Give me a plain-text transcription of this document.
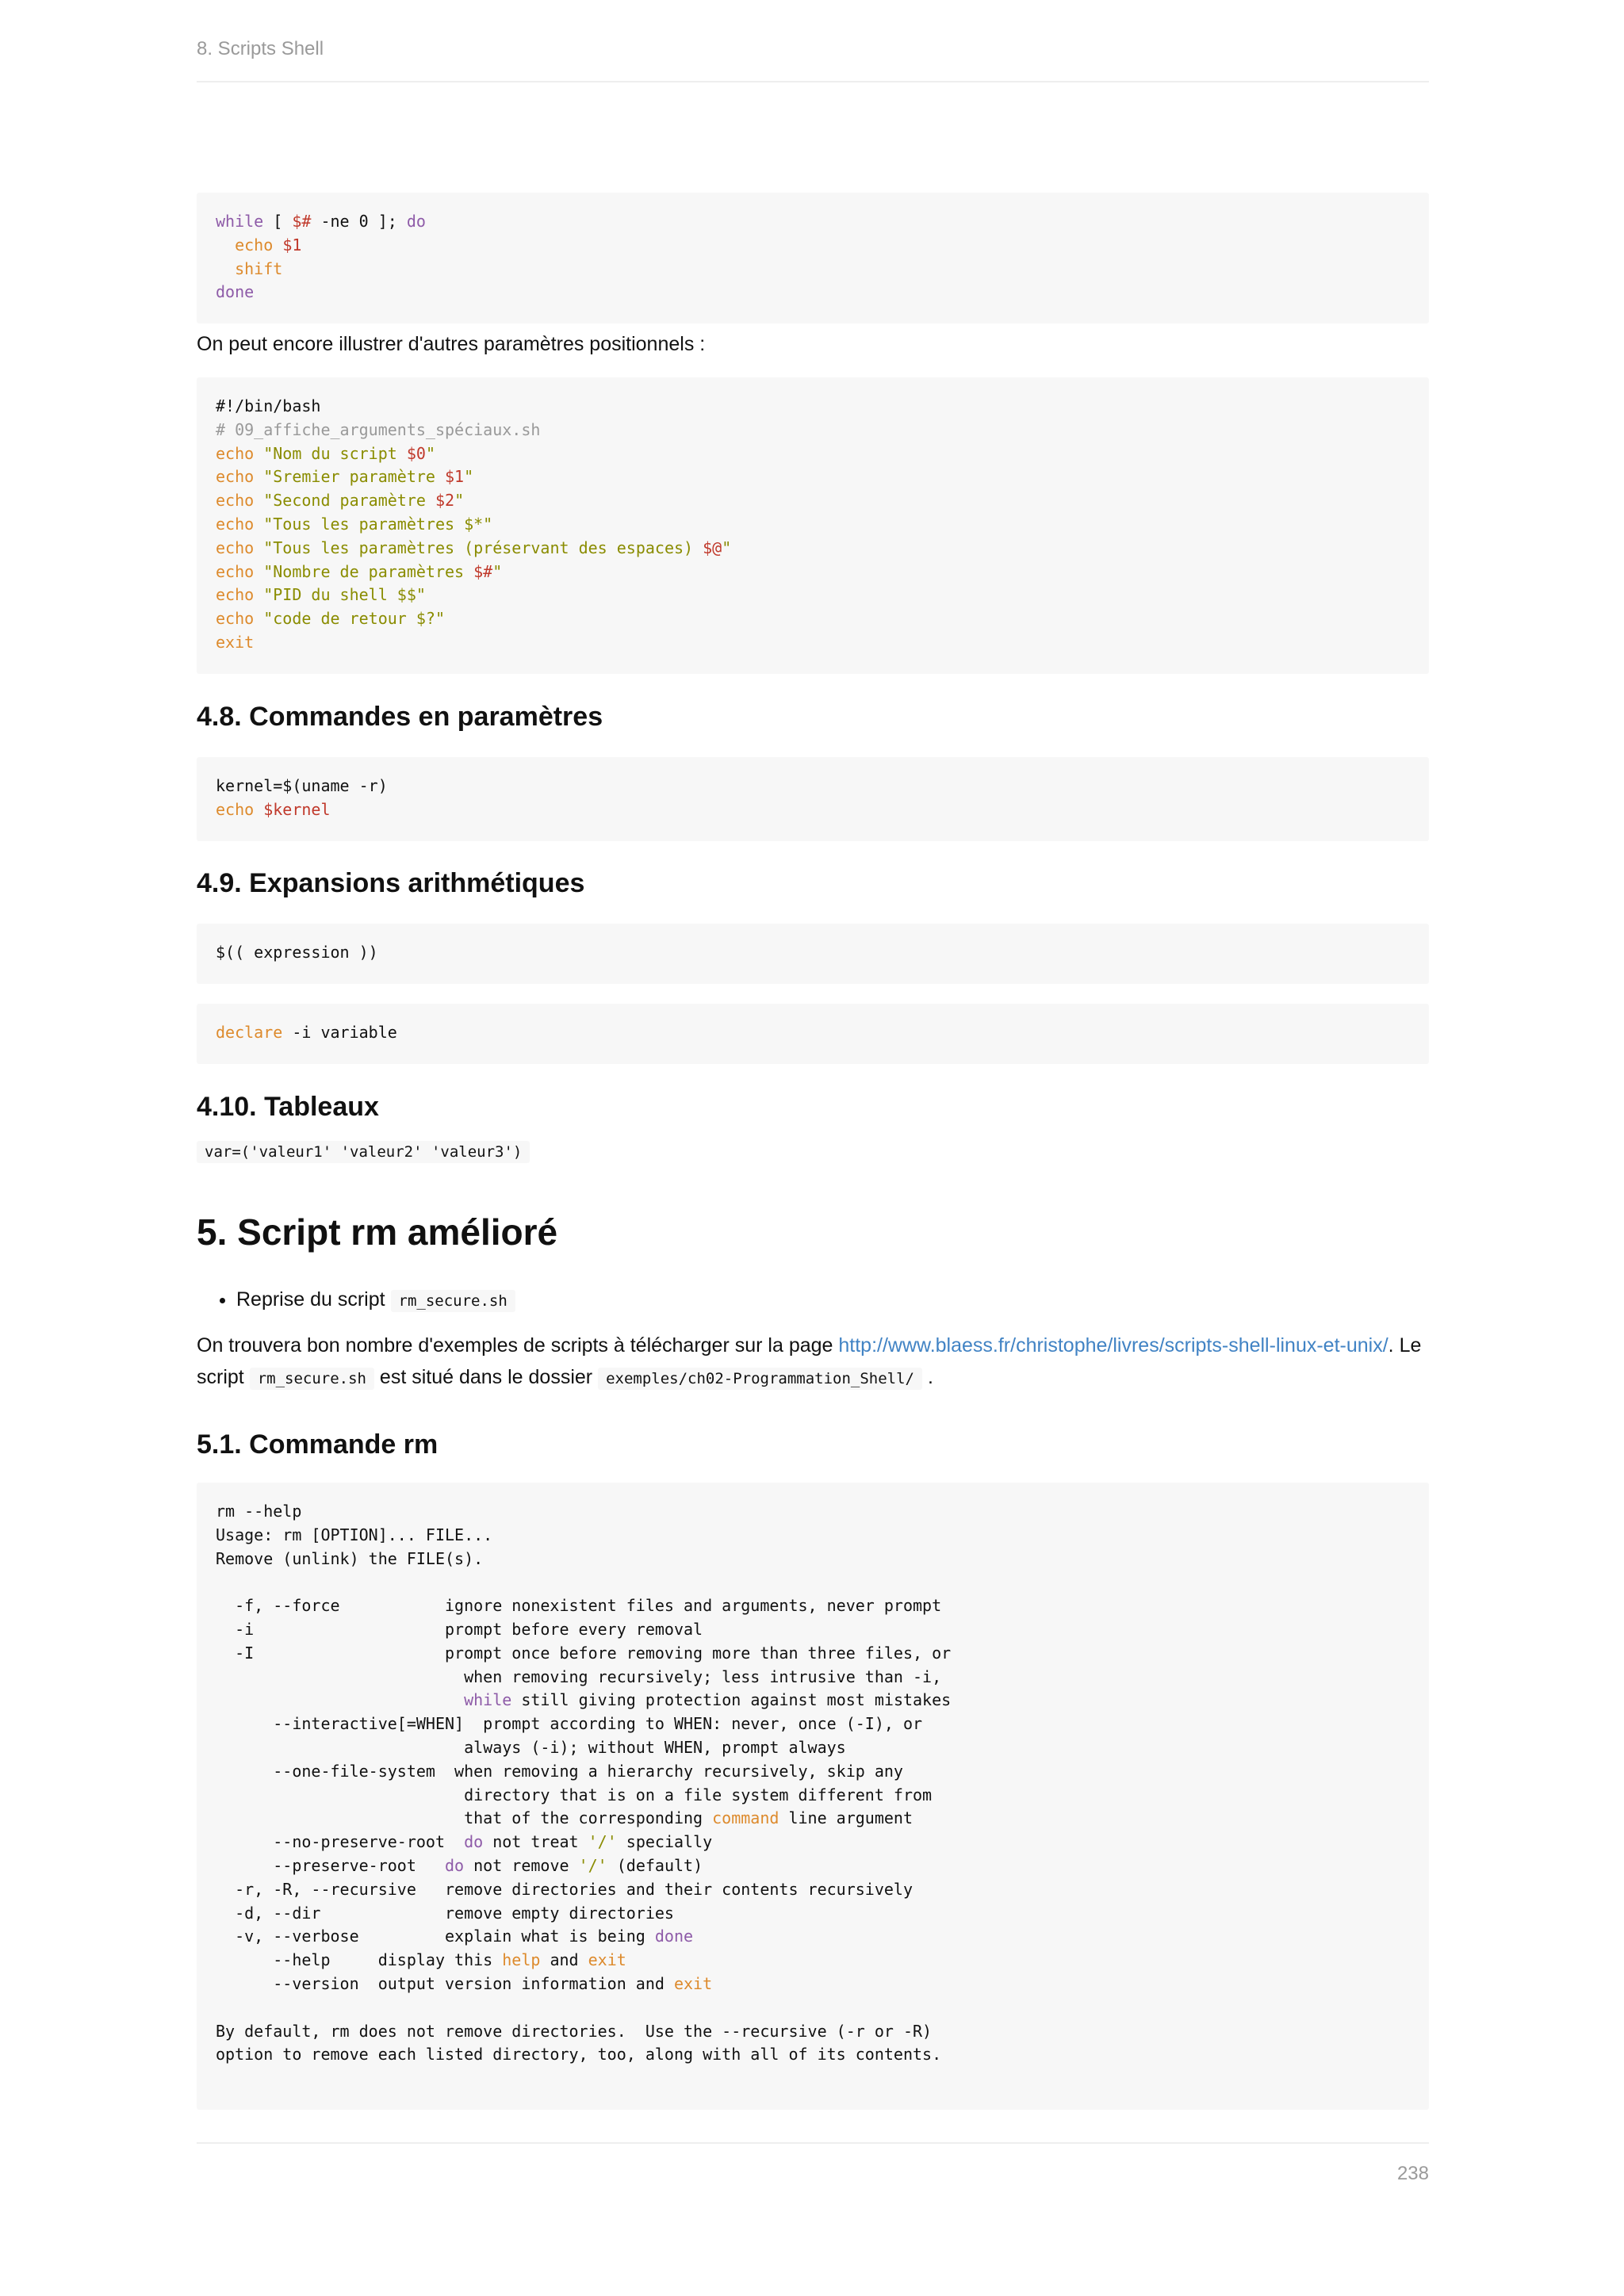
8. Scripts Shell
while [ $# -ne 0 ]; do
echo $1
shift
done

On peut encore illustrer d'autres paramètres positionnels :

#!/bin/bash
# 09_affiche_arguments_spéciaux.sh
echo "Nom du script $0"
echo "Sremier paramètre $1"
echo "Second paramètre $2"
echo "Tous les paramètres $*"
echo "Tous les paramètres (préservant des espaces) $@"
echo "Nombre de paramètres $#"
echo "PID du shell $$"
echo "code de retour $?"
exit
4.8. Commandes en paramètres
kernel=$(uname -r)
echo $kernel
4.9. Expansions arithmétiques
$(( expression ))
declare -i variable
4.10. Tableaux
var=('valeur1' 'valeur2' 'valeur3')
5. Script rm amélioré
• Reprise du script rm_secure.sh

On trouvera bon nombre d'exemples de scripts à télécharger sur la page http://www.blaess.fr/christophe/livres/scripts-shell-linux-et-unix/. Le script rm_secure.sh est situé dans le dossier exemples/ch02-Programmation_Shell/ .

5.1. Commande rm
rm --help
Usage: rm [OPTION]... FILE...
Remove (unlink) the FILE(s).
-f, --force           ignore nonexistent files and arguments, never prompt
-i                    prompt before every removal
-I                    prompt once before removing more than three files, or
when removing recursively; less intrusive than -i,
while still giving protection against most mistakes
--interactive[=WHEN]  prompt according to WHEN: never, once (-I), or
always (-i); without WHEN, prompt always
--one-file-system  when removing a hierarchy recursively, skip any
directory that is on a file system different from
that of the corresponding command line argument
--no-preserve-root  do not treat '/' specially
--preserve-root   do not remove '/' (default)
-r, -R, --recursive   remove directories and their contents recursively
-d, --dir             remove empty directories
-v, --verbose         explain what is being done
--help     display this help and exit
--version  output version information and exit
By default, rm does not remove directories.  Use the --recursive (-r or -R)
option to remove each listed directory, too, along with all of its contents.
238
